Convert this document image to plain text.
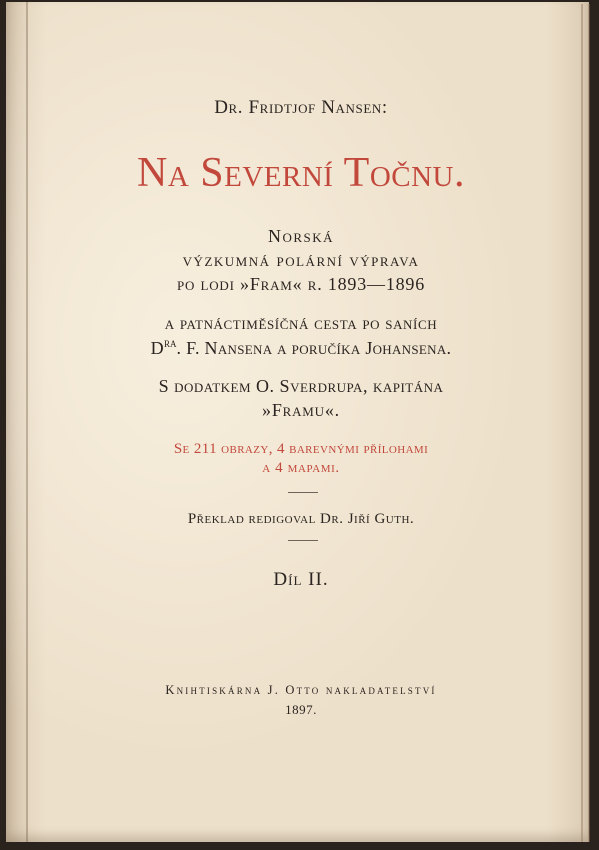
Dr. Fridtjof Nansen:
Na Severní Točnu.
Norská
výzkumná polární výprava
po lodi »Fram« r. 1893—1896
a patnáctiměsíčná cesta po saních
$D^{RA}$. F. Nansena a poručíka Johansena.
S dodatkem O. Sverdrupa, kapitána
»Framu«.
Se 211 obrazy, 4 barevnými přílohami
a 4 mapami.
Překlad redigoval Dr. Jiří Guth.
Díl II.
Knihtiskárna J. Otto nakladatelství
1897.
